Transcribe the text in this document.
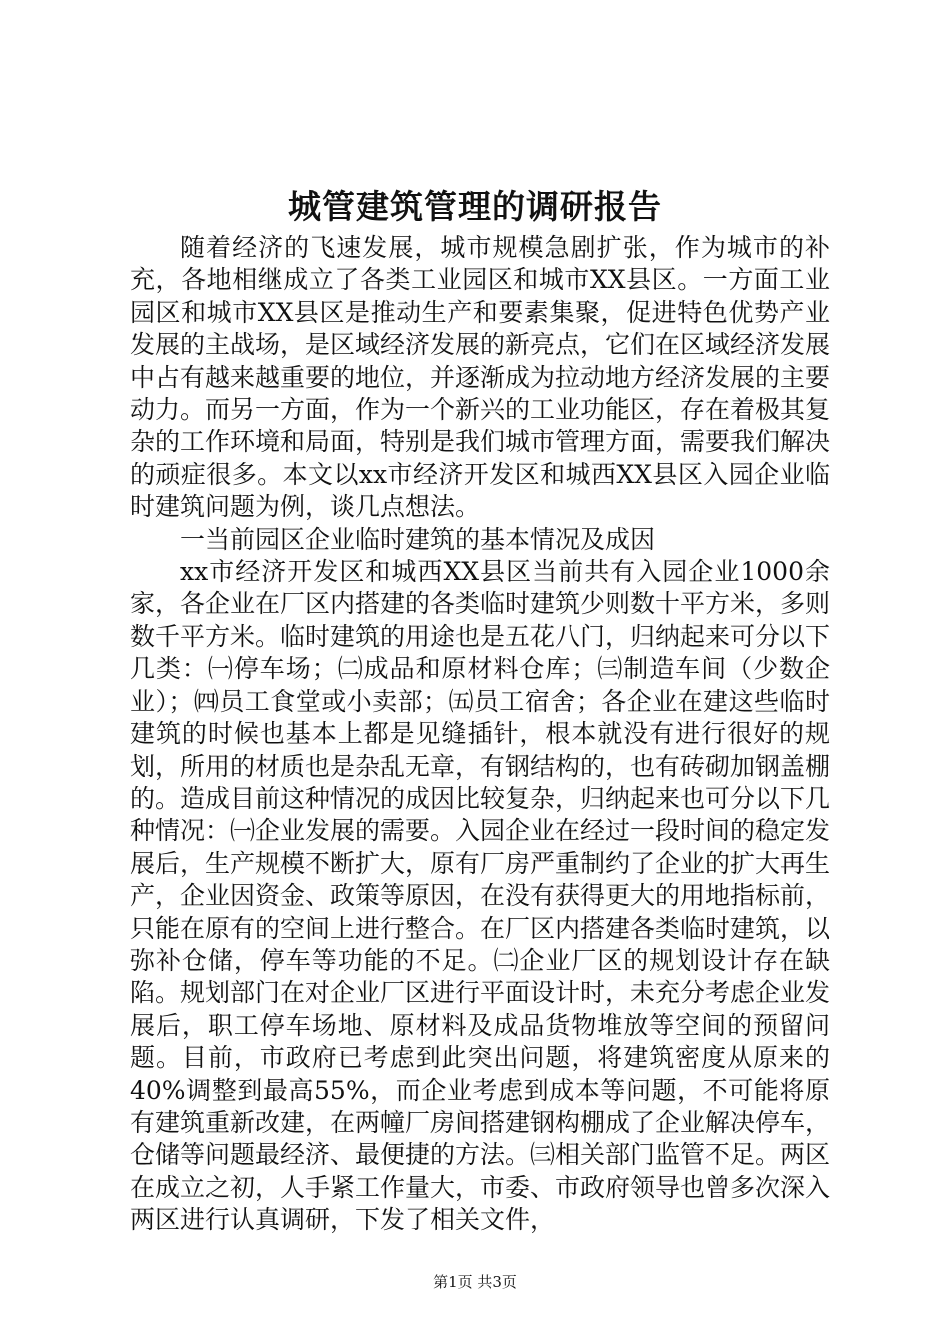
城管建筑管理的调研报告

随着经济的飞速发展，城市规模急剧扩张，作为城市的补充，各地相继成立了各类工业园区和城市XX县区。一方面工业园区和城市XX县区是推动生产和要素集聚，促进特色优势产业发展的主战场，是区域经济发展的新亮点，它们在区域经济发展中占有越来越重要的地位，并逐渐成为拉动地方经济发展的主要动力。而另一方面，作为一个新兴的工业功能区，存在着极其复杂的工作环境和局面，特别是我们城市管理方面，需要我们解决的顽症很多。本文以xx市经济开发区和城西XX县区入园企业临时建筑问题为例，谈几点想法。

一当前园区企业临时建筑的基本情况及成因

xx市经济开发区和城西XX县区当前共有入园企业1000余家，各企业在厂区内搭建的各类临时建筑少则数十平方米，多则数千平方米。临时建筑的用途也是五花八门，归纳起来可分以下几类：㈠停车场；㈡成品和原材料仓库；㈢制造车间（少数企业）；㈣员工食堂或小卖部；㈤员工宿舍；各企业在建这些临时建筑的时候也基本上都是见缝插针，根本就没有进行很好的规划，所用的材质也是杂乱无章，有钢结构的，也有砖砌加钢盖棚的。造成目前这种情况的成因比较复杂，归纳起来也可分以下几种情况：㈠企业发展的需要。入园企业在经过一段时间的稳定发展后，生产规模不断扩大，原有厂房严重制约了企业的扩大再生产，企业因资金、政策等原因，在没有获得更大的用地指标前，只能在原有的空间上进行整合。在厂区内搭建各类临时建筑，以弥补仓储，停车等功能的不足。㈡企业厂区的规划设计存在缺陷。规划部门在对企业厂区进行平面设计时，未充分考虑企业发展后，职工停车场地、原材料及成品货物堆放等空间的预留问题。目前，市政府已考虑到此突出问题，将建筑密度从原来的40%调整到最高55%，而企业考虑到成本等问题，不可能将原有建筑重新改建，在两幢厂房间搭建钢构棚成了企业解决停车，仓储等问题最经济、最便捷的方法。㈢相关部门监管不足。两区在成立之初，人手紧工作量大，市委、市政府领导也曾多次深入两区进行认真调研，下发了相关文件，

第1页 共3页
